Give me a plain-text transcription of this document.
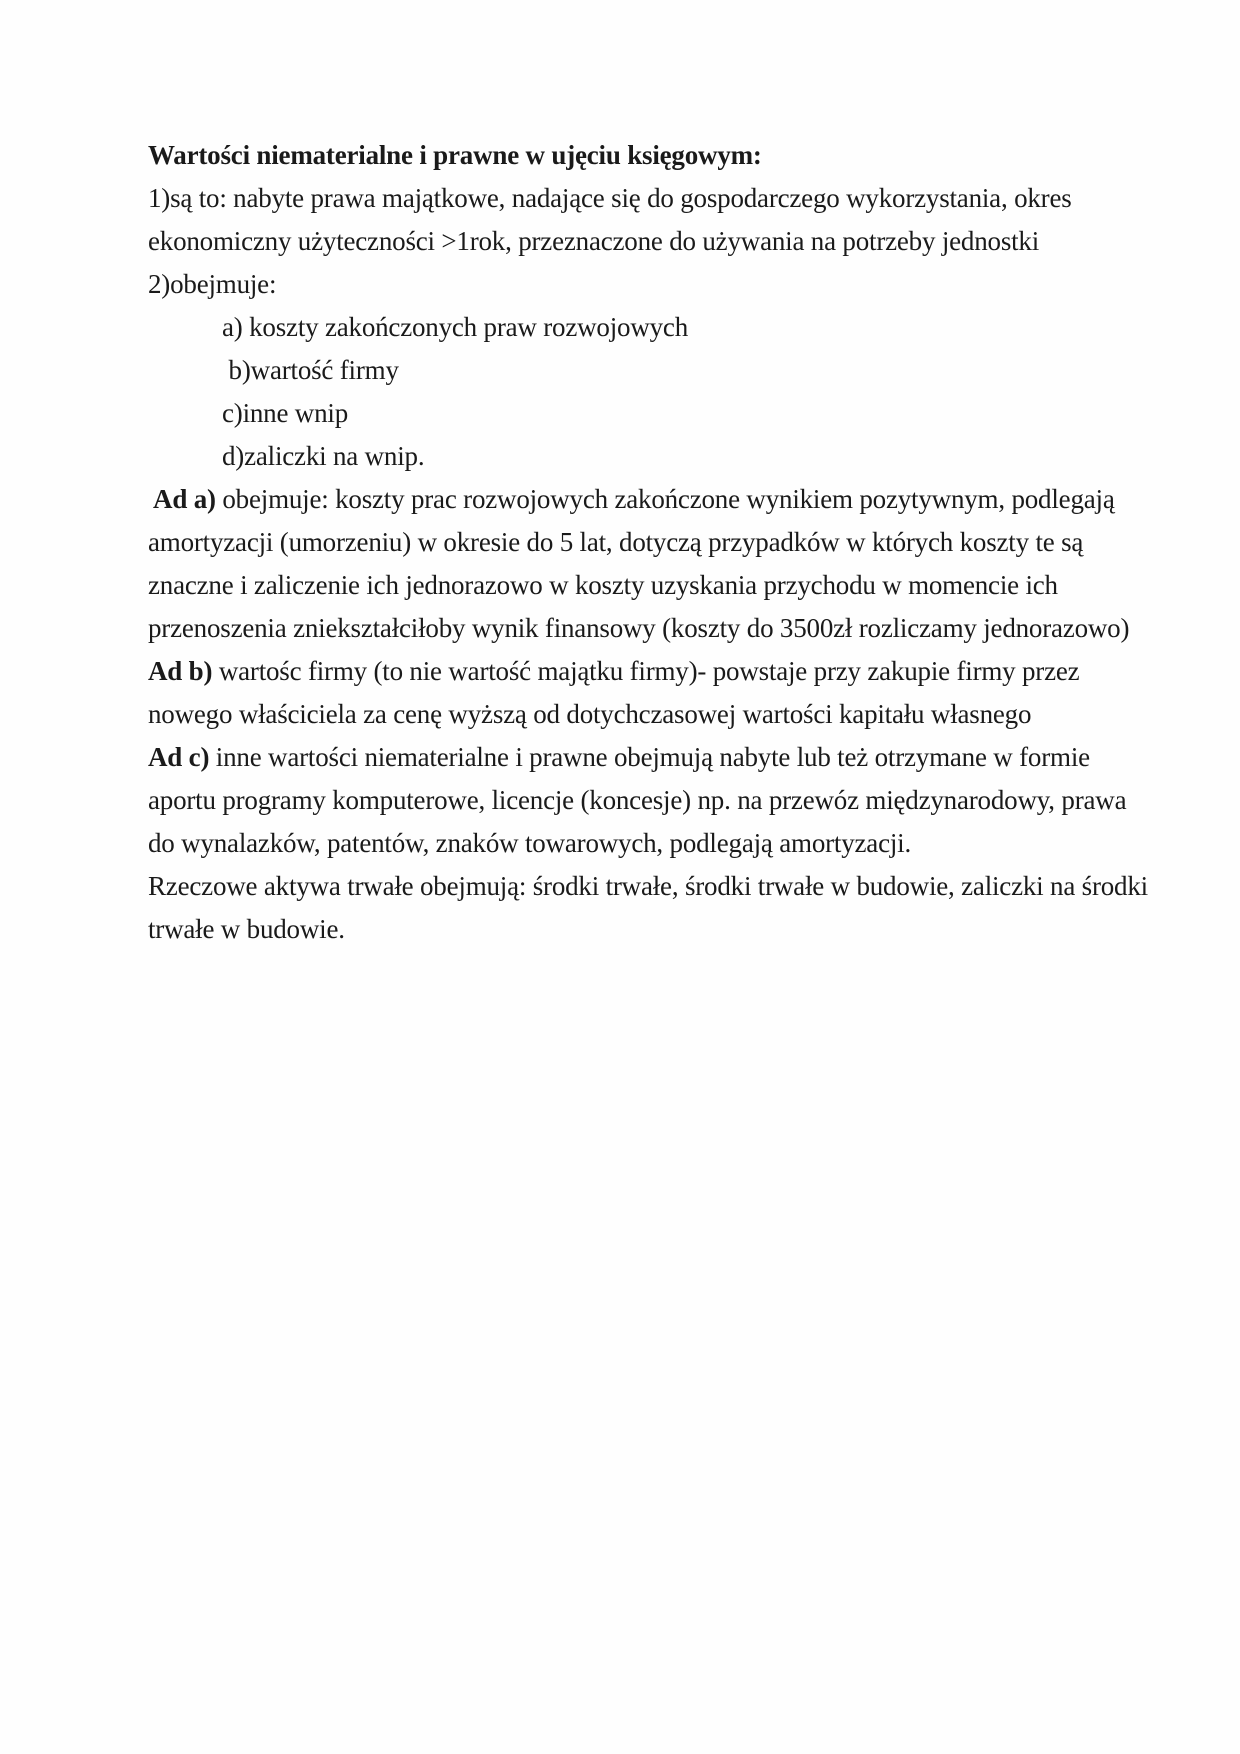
Wartości niematerialne i prawne w ujęciu księgowym:
1)są to: nabyte prawa majątkowe, nadające się do gospodarczego wykorzystania, okres
ekonomiczny użyteczności >1rok, przeznaczone do używania na potrzeby jednostki
2)obejmuje:
a) koszty zakończonych praw rozwojowych
b)wartość firmy
c)inne wnip
d)zaliczki na wnip.
Ad a) obejmuje: koszty prac rozwojowych zakończone wynikiem pozytywnym, podlegają
amortyzacji (umorzeniu) w okresie do 5 lat, dotyczą przypadków w których koszty te są
znaczne i zaliczenie ich jednorazowo w koszty uzyskania przychodu w momencie ich
przenoszenia zniekształciłoby wynik finansowy (koszty do 3500zł rozliczamy jednorazowo)
Ad b) wartośc firmy (to nie wartość majątku firmy)- powstaje przy zakupie firmy przez
nowego właściciela za cenę wyższą od dotychczasowej wartości kapitału własnego
Ad c) inne wartości niematerialne i prawne obejmują nabyte lub też otrzymane w formie
aportu programy komputerowe, licencje (koncesje) np. na przewóz międzynarodowy, prawa
do wynalazków, patentów, znaków towarowych, podlegają amortyzacji.
Rzeczowe aktywa trwałe obejmują: środki trwałe, środki trwałe w budowie, zaliczki na środki
trwałe w budowie.
